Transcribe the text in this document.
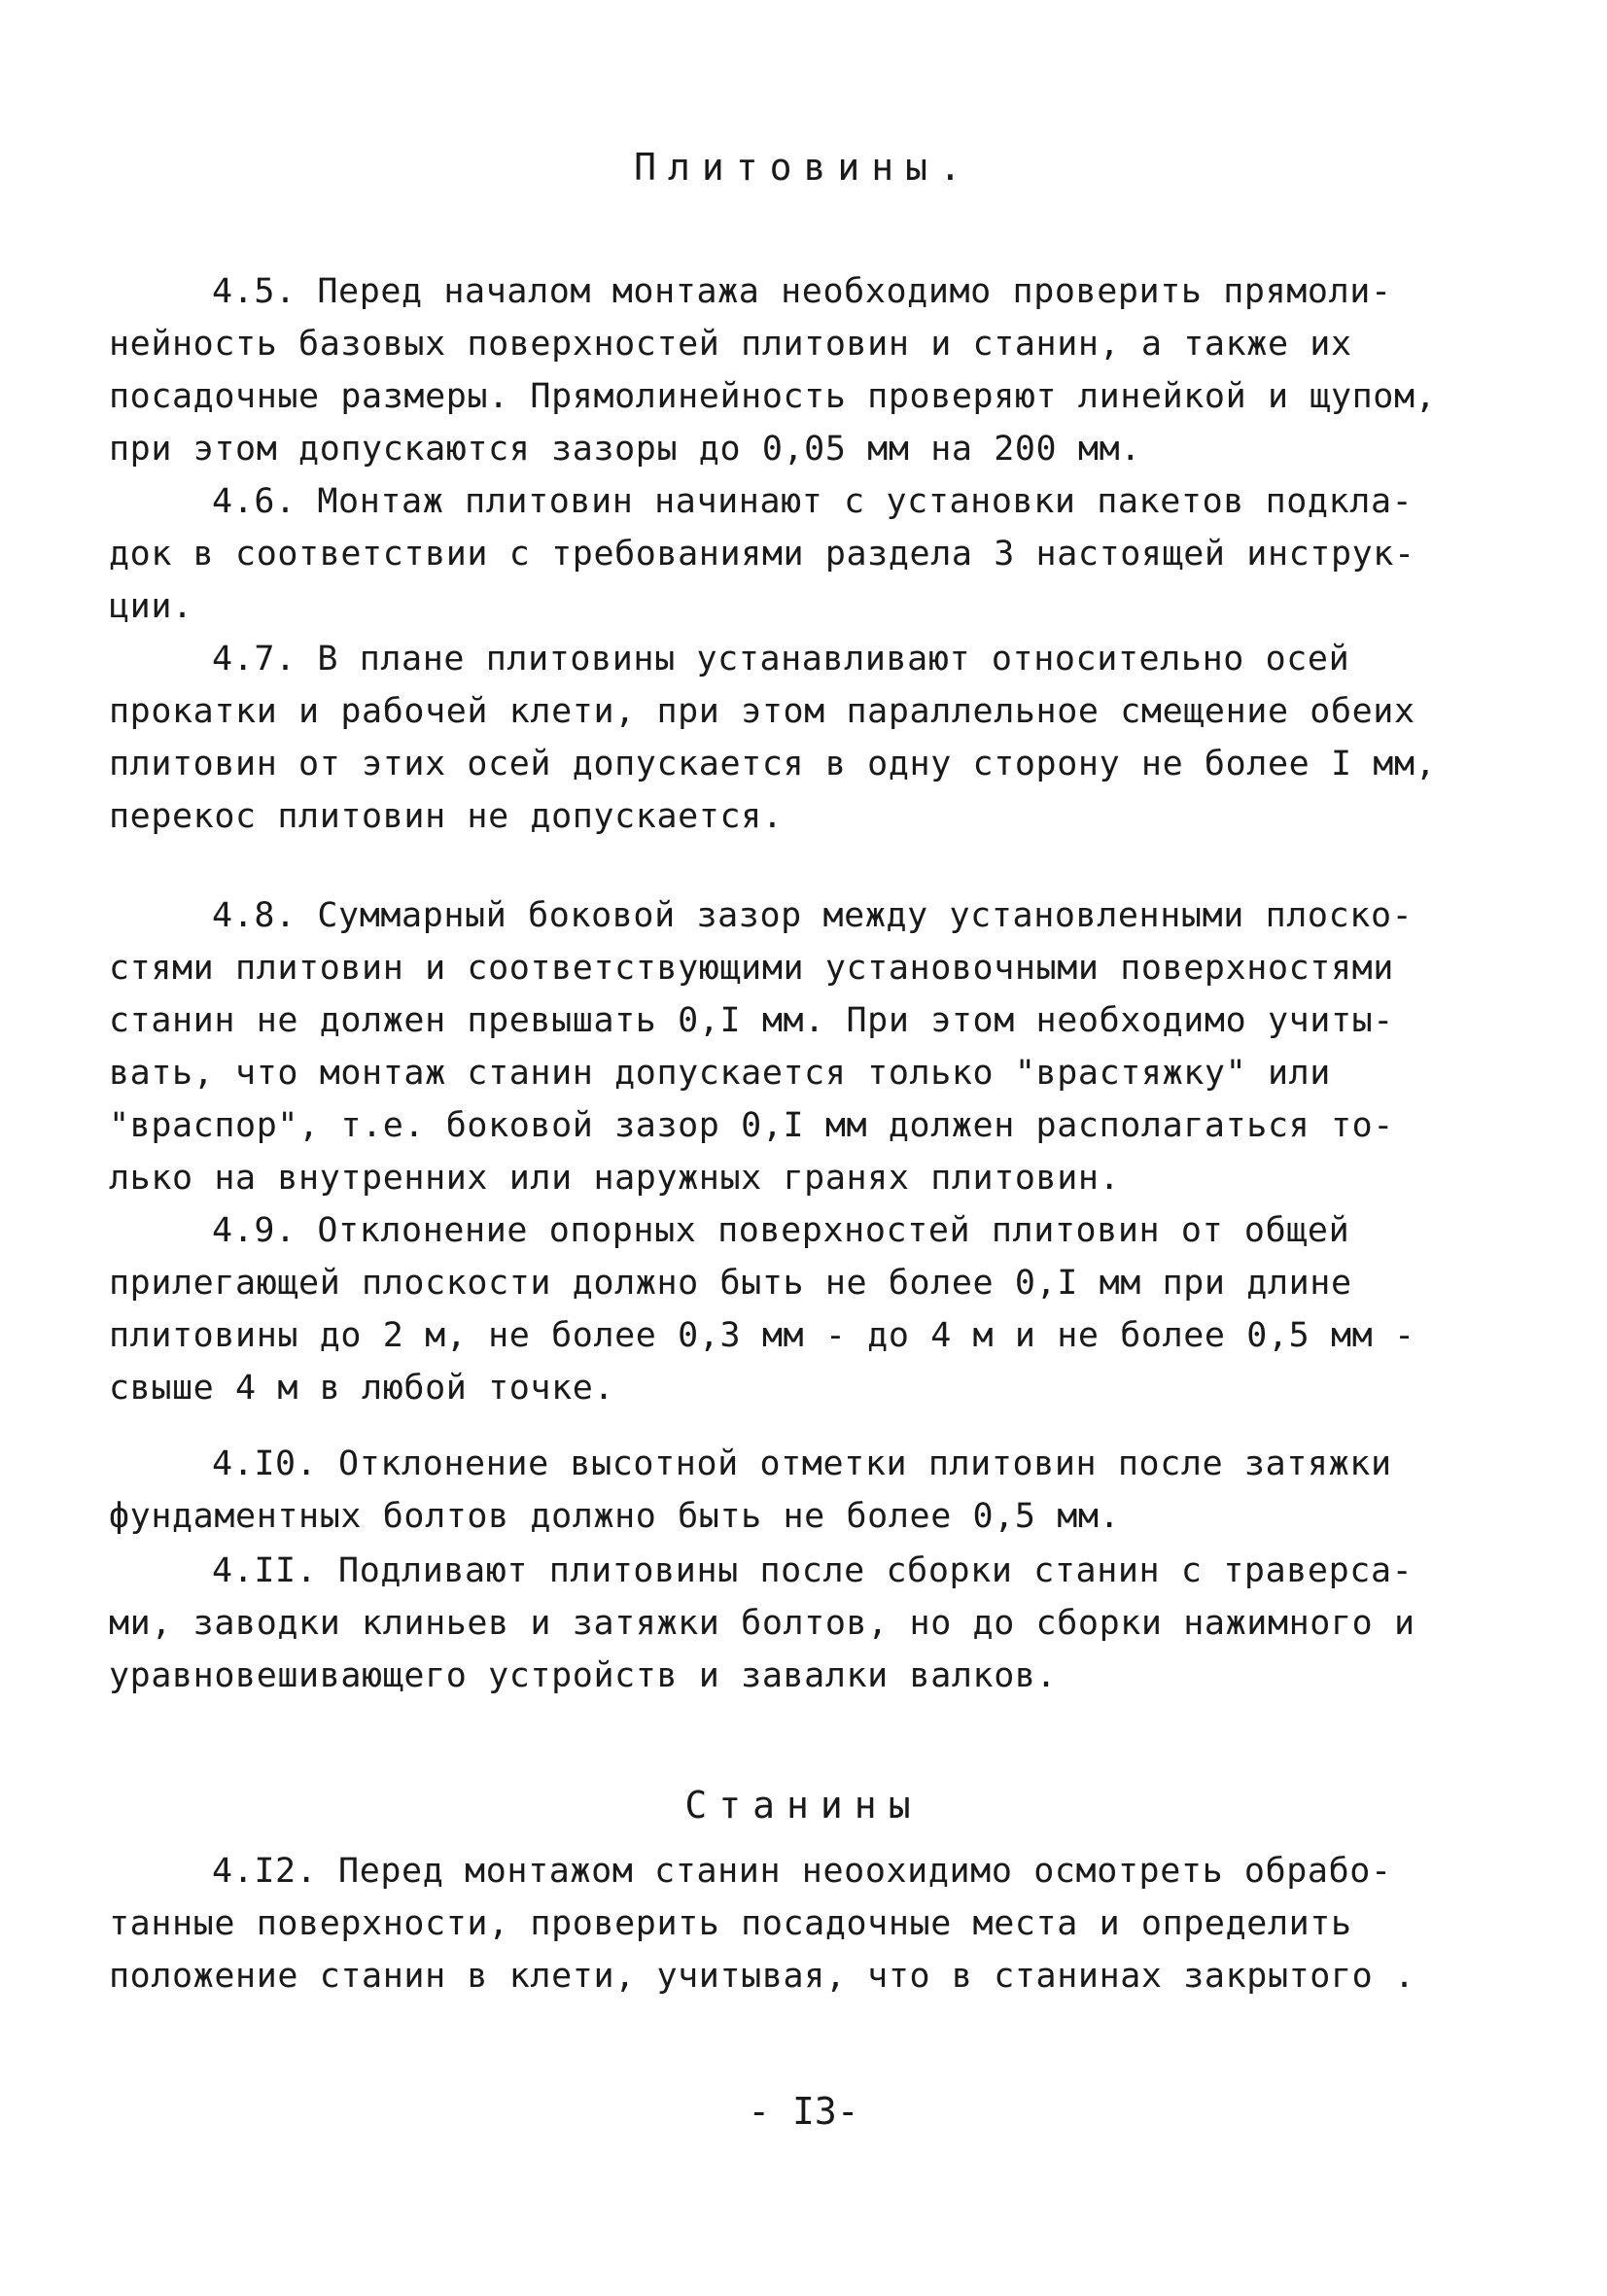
Плитовины.
4.5. Перед началом монтажа необходимо проверить прямоли-
нейность базовых поверхностей плитовин и станин, а также их
посадочные размеры. Прямолинейность проверяют линейкой и щупом,
при этом допускаются зазоры до 0,05 мм на 200 мм.
4.6. Монтаж плитовин начинают с установки пакетов подкла-
док в соответствии с требованиями раздела 3 настоящей инструк-
ции.
4.7. В плане плитовины устанавливают относительно осей
прокатки и рабочей клети, при этом параллельное смещение обеих
плитовин от этих осей допускается в одну сторону не более I мм,
перекос плитовин не допускается.
4.8. Суммарный боковой зазор между установленными плоско-
стями плитовин и соответствующими установочными поверхностями
станин не должен превышать 0,I мм. При этом необходимо учиты-
вать, что монтаж станин допускается только "врастяжку" или
"враспор", т.е. боковой зазор 0,I мм должен располагаться то-
лько на внутренних или наружных гранях плитовин.
4.9. Отклонение опорных поверхностей плитовин от общей
прилегающей плоскости должно быть не более 0,I мм при длине
плитовины до 2 м, не более 0,3 мм - до 4 м и не более 0,5 мм -
свыше 4 м в любой точке.
4.I0. Отклонение высотной отметки плитовин после затяжки
фундаментных болтов должно быть не более 0,5 мм.
4.II. Подливают плитовины после сборки станин с траверса-
ми, заводки клиньев и затяжки болтов, но до сборки нажимного и
уравновешивающего устройств и завалки валков.
Станины
4.I2. Перед монтажом станин неоохидимо осмотреть обрабо-
танные поверхности, проверить посадочные места и определить
положение станин в клети, учитывая, что в станинах закрытого .
- I3-
